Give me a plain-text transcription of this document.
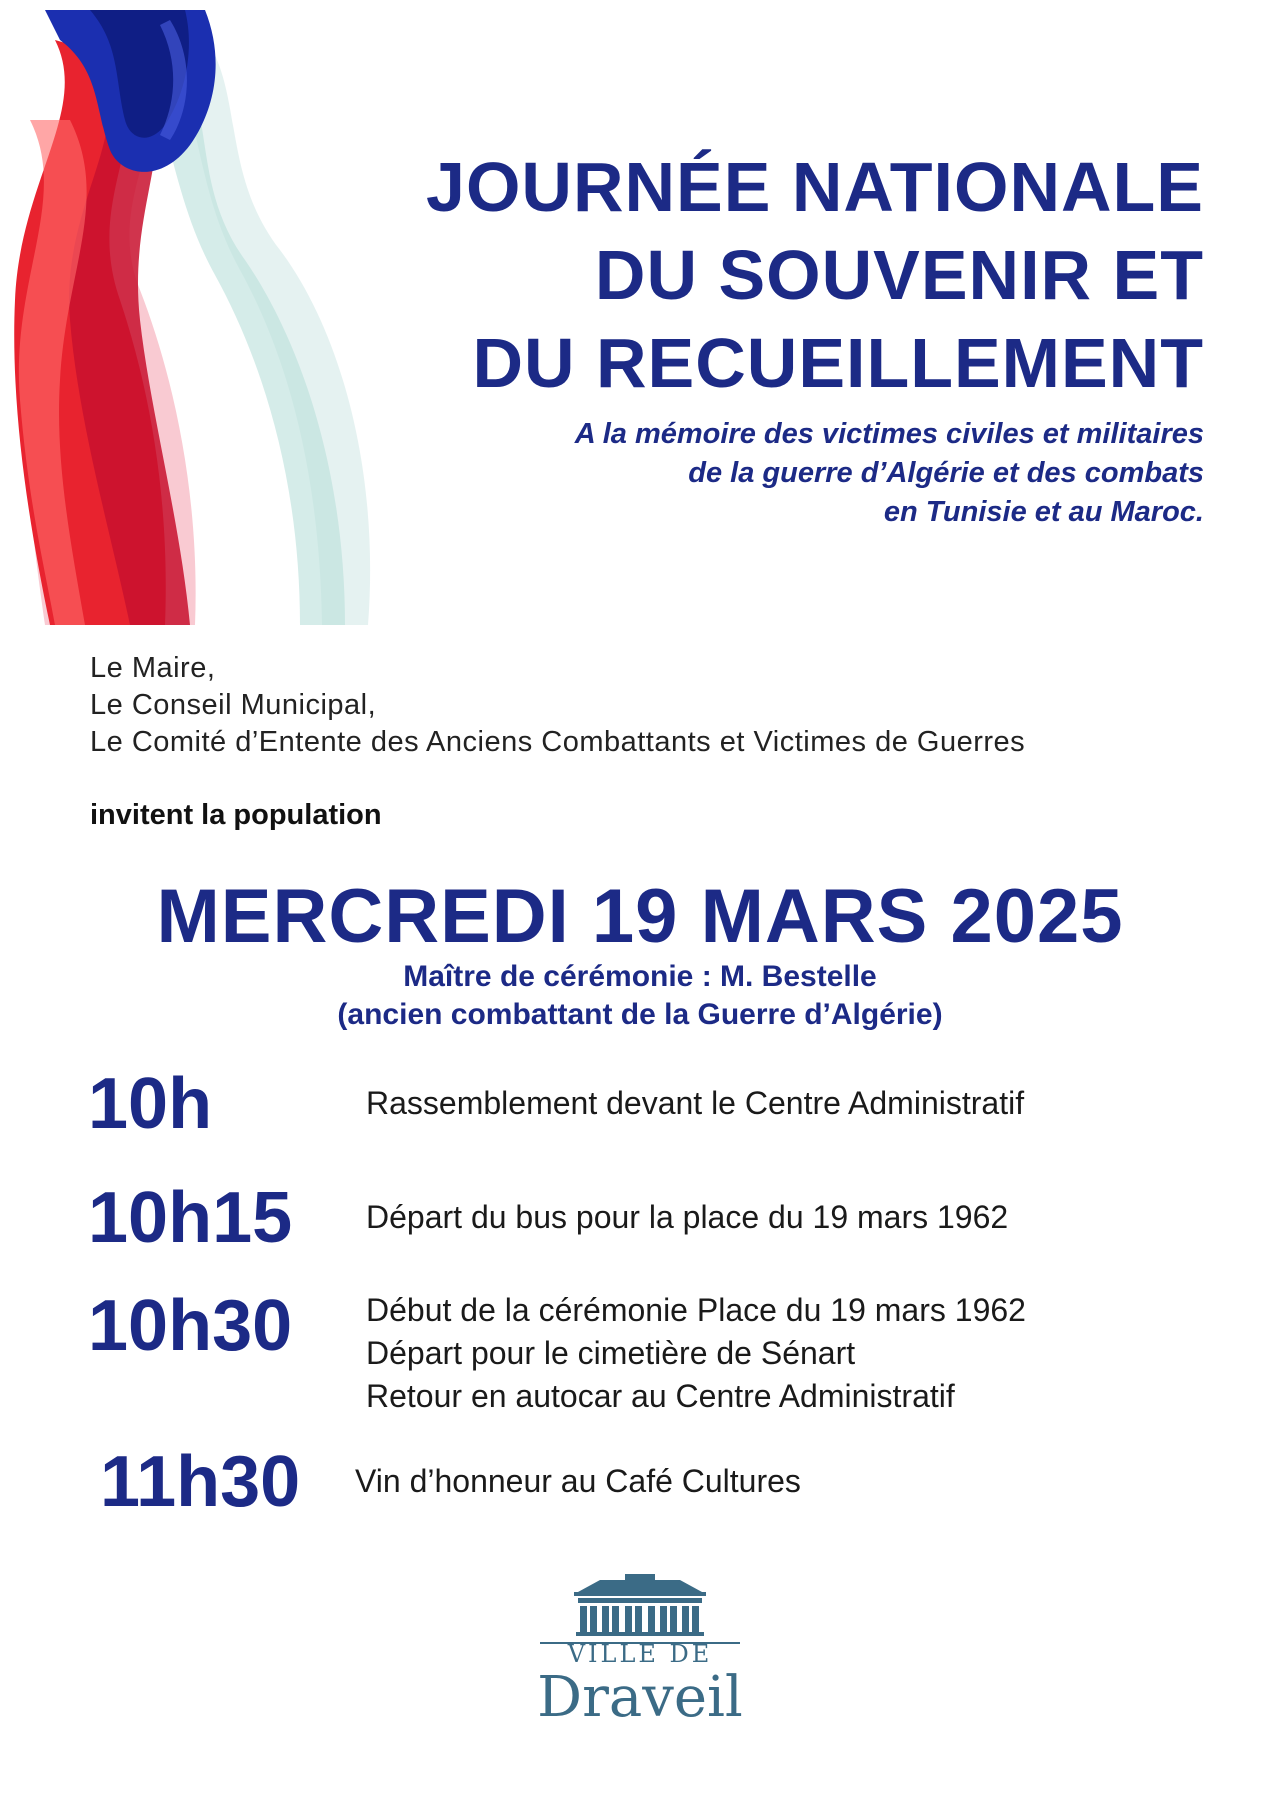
JOURNÉE NATIONALE
DU SOUVENIR ET
DU RECUEILLEMENT
A la mémoire des victimes civiles et militaires
de la guerre d’Algérie et des combats
en Tunisie et au Maroc.
Le Maire,
Le Conseil Municipal,
Le Comité d’Entente des Anciens Combattants et Victimes de Guerres
invitent la population
MERCREDI 19 MARS 2025
Maître de cérémonie : M. Bestelle
(ancien combattant de la Guerre d’Algérie)
10h	Rassemblement devant le Centre Administratif
10h15 Départ du bus pour la place du 19 mars 1962
10h30 Début de la cérémonie Place du 19 mars 1962
Départ pour le cimetière de Sénart
Retour en autocar au Centre Administratif
11h30 Vin d’honneur au Café Cultures
VILLE DE
Draveil
